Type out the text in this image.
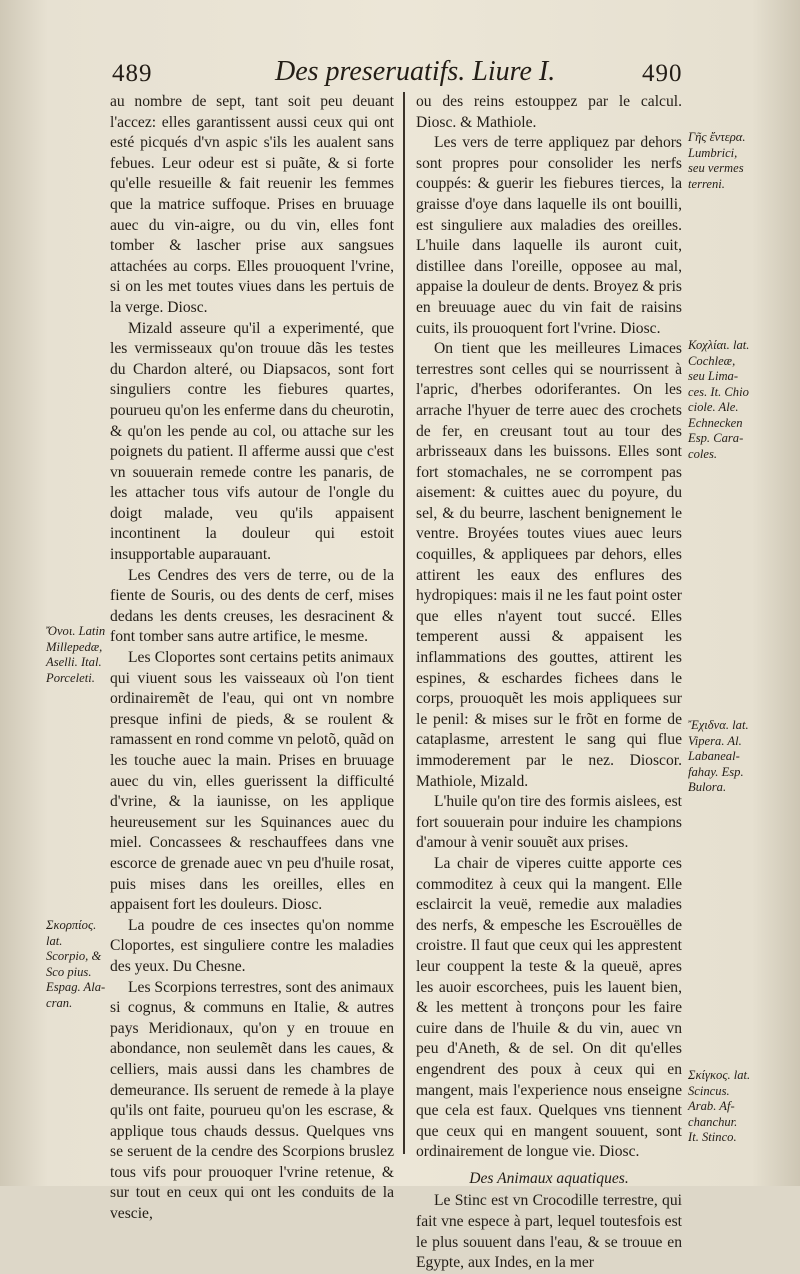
489	Des preseruatifs. Liure I.	490

au nombre de sept, tant soit peu deuant l'accez: elles garantissent aussi ceux qui ont esté picqués d'vn aspic s'ils les aualent sans febues. Leur odeur est si puãte, & si forte qu'elle resueille & fait reuenir les femmes que la matrice suffoque. Prises en bruuage auec du vin-aigre, ou du vin, elles font tomber & lascher prise aux sangsues attachées au corps. Elles prouoquent l'vrine, si on les met toutes viues dans les pertuis de la verge. Diosc.

Mizald asseure qu'il a experimenté, que les vermisseaux qu'on trouue dãs les testes du Chardon alteré, ou Diapsacos, sont fort singuliers contre les fiebures quartes, pourueu qu'on les enferme dans du cheurotin, & qu'on les pende au col, ou attache sur les poignets du patient. Il afferme aussi que c'est vn souuerain remede contre les panaris, de les attacher tous vifs autour de l'ongle du doigt malade, veu qu'ils appaisent incontinent la douleur qui estoit insupportable auparauant.

Les Cendres des vers de terre, ou de la fiente de Souris, ou des dents de cerf, mises dedans les dents creuses, les desracinent & font tomber sans autre artifice, le mesme.

Les Cloportes sont certains petits animaux qui viuent sous les vaisseaux où l'on tient ordinairemẽt de l'eau, qui ont vn nombre presque infini de pieds, & se roulent & ramassent en rond comme vn pelotõ, quãd on les touche auec la main. Prises en bruuage auec du vin, elles guerissent la difficulté d'vrine, & la iaunisse, on les applique heureusement sur les Squinances auec du miel. Concassees & reschauffees dans vne escorce de grenade auec vn peu d'huile rosat, puis mises dans les oreilles, elles en appaisent fort les douleurs. Diosc.

La poudre de ces insectes qu'on nomme Cloportes, est singuliere contre les maladies des yeux. Du Chesne.

Les Scorpions terrestres, sont des animaux si cognus, & communs en Italie, & autres pays Meridionaux, qu'on y en trouue en abondance, non seulemẽt dans les caues, & celliers, mais aussi dans les chambres de demeurance. Ils seruent de remede à la playe qu'ils ont faite, pourueu qu'on les escrase, & applique tous chauds dessus. Quelques vns se seruent de la cendre des Scorpions bruslez tous vifs pour prouoquer l'vrine retenue, & sur tout en ceux qui ont les conduits de la vescie,

ou des reins estouppez par le calcul. Diosc. & Mathiole.

Les vers de terre appliquez par dehors sont propres pour consolider les nerfs couppés: & guerir les fiebures tierces, la graisse d'oye dans laquelle ils ont bouilli, est singuliere aux maladies des oreilles. L'huile dans laquelle ils auront cuit, distillee dans l'oreille, opposee au mal, appaise la douleur de dents. Broyez & pris en breuuage auec du vin fait de raisins cuits, ils prouoquent fort l'vrine. Diosc.

On tient que les meilleures Limaces terrestres sont celles qui se nourrissent à l'apric, d'herbes odoriferantes. On les arrache l'hyuer de terre auec des crochets de fer, en creusant tout au tour des arbrisseaux dans les buissons. Elles sont fort stomachales, ne se corrompent pas aisement: & cuittes auec du poyure, du sel, & du beurre, laschent benignement le ventre. Broyées toutes viues auec leurs coquilles, & appliquees par dehors, elles attirent les eaux des enflures des hydropiques: mais il ne les faut point oster que elles n'ayent tout succé. Elles temperent aussi & appaisent les inflammations des gouttes, attirent les espines, & eschardes fichees dans le corps, prouoquẽt les mois appliquees sur le penil: & mises sur le frõt en forme de cataplasme, arrestent le sang qui flue immoderement par le nez. Dioscor. Mathiole, Mizald.

L'huile qu'on tire des formis aislees, est fort souuerain pour induire les champions d'amour à venir souuẽt aux prises.

La chair de viperes cuitte apporte ces commoditez à ceux qui la mangent. Elle esclaircit la veuë, remedie aux maladies des nerfs, & empesche les Escrouëlles de croistre. Il faut que ceux qui les apprestent leur couppent la teste & la queuë, apres les auoir escorchees, puis les lauent bien, & les mettent à tronçons pour les faire cuire dans de l'huile & du vin, auec vn peu d'Aneth, & de sel. On dit qu'elles engendrent des poux à ceux qui en mangent, mais l'experience nous enseigne que cela est faux. Quelques vns tiennent que ceux qui en mangent souuent, sont ordinairement de longue vie. Diosc.

Des Animaux aquatiques.

Le Stinc est vn Crocodille terrestre, qui fait vne espece à part, lequel toutesfois est le plus souuent dans l'eau, & se trouue en Egypte, aux Indes, en la mer

Γῆς ἔντερα.
Lumbrici,
seu vermes
terreni.
Κοχλίαι. lat.
Cochleæ,
seu Lima-
ces. It. Chio
ciole. Ale.
Echnecken
Esp. Cara-
coles.
Ἔχιδνα. lat.
Vipera. Al.
Labaneal-
fahay. Esp.
Bulora.
Σκίγκος. lat.
Scincus.
Arab. Af-
chanchur.
It. Stinco.
Ὄνοι. Latin
Millepedæ,
Aselli. Ital.
Porceleti.
Σκορπίος. lat.
Scorpio, &
Sco pius.
Espag. Ala-
cran.
